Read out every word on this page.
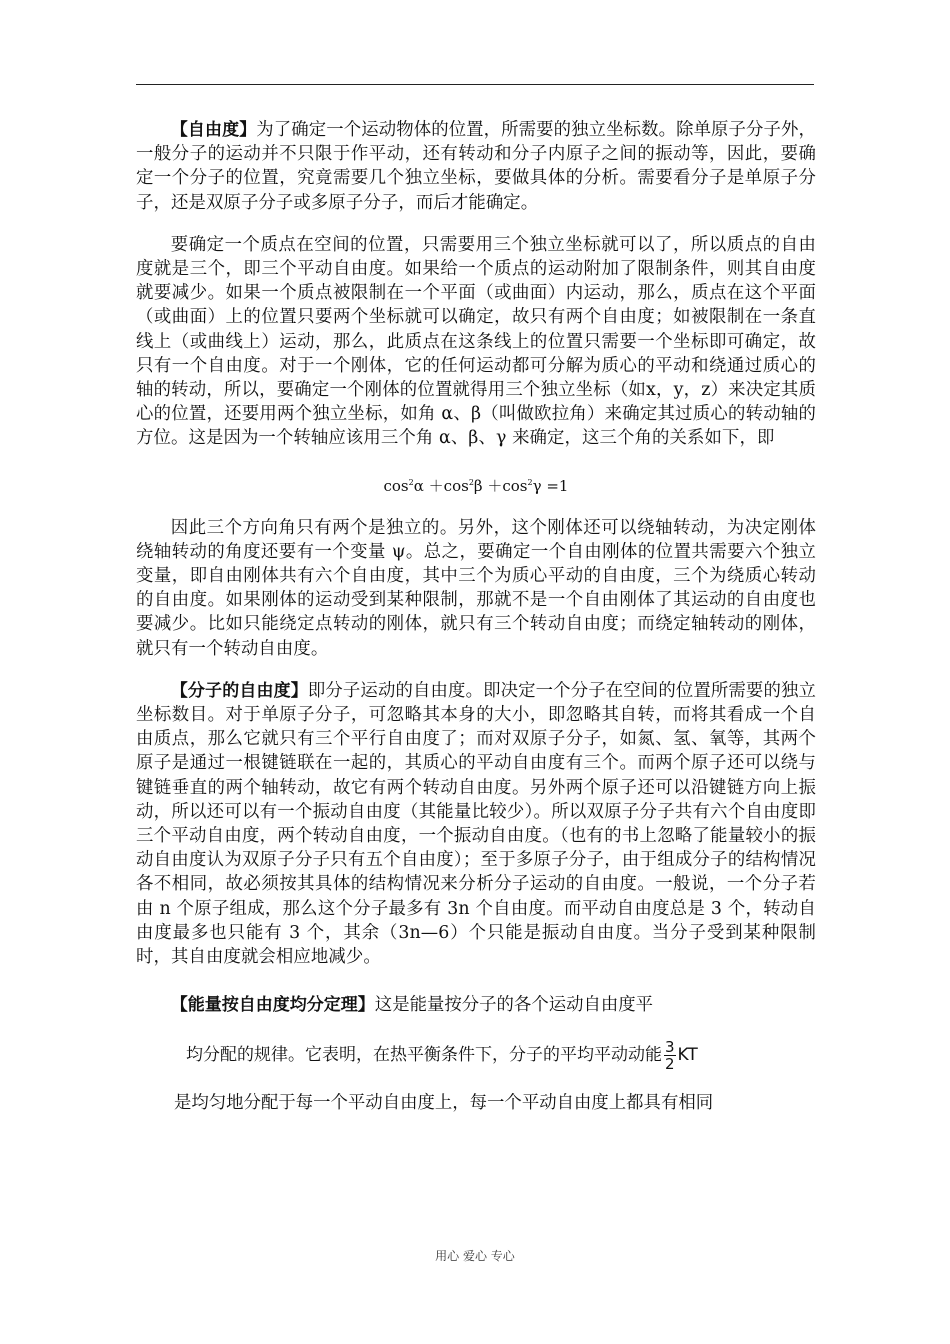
【自由度】为了确定一个运动物体的位置，所需要的独立坐标数。除单原子分子外，一般分子的运动并不只限于作平动，还有转动和分子内原子之间的振动等，因此，要确定一个分子的位置，究竟需要几个独立坐标，要做具体的分析。需要看分子是单原子分子，还是双原子分子或多原子分子，而后才能确定。

要确定一个质点在空间的位置，只需要用三个独立坐标就可以了，所以质点的自由度就是三个，即三个平动自由度。如果给一个质点的运动附加了限制条件，则其自由度就要减少。如果一个质点被限制在一个平面（或曲面）内运动，那么，质点在这个平面（或曲面）上的位置只要两个坐标就可以确定，故只有两个自由度；如被限制在一条直线上（或曲线上）运动，那么，此质点在这条线上的位置只需要一个坐标即可确定，故只有一个自由度。对于一个刚体，它的任何运动都可分解为质心的平动和绕通过质心的轴的转动，所以，要确定一个刚体的位置就得用三个独立坐标（如x，y，z）来决定其质心的位置，还要用两个独立坐标，如角 α、β（叫做欧拉角）来确定其过质心的转动轴的方位。这是因为一个转轴应该用三个角 α、β、γ 来确定，这三个角的关系如下，即

$\cos^2\alpha +\cos^2\beta +\cos^2\gamma =1$

因此三个方向角只有两个是独立的。另外，这个刚体还可以绕轴转动，为决定刚体绕轴转动的角度还要有一个变量 ψ。总之，要确定一个自由刚体的位置共需要六个独立变量，即自由刚体共有六个自由度，其中三个为质心平动的自由度，三个为绕质心转动的自由度。如果刚体的运动受到某种限制，那就不是一个自由刚体了其运动的自由度也要减少。比如只能绕定点转动的刚体，就只有三个转动自由度；而绕定轴转动的刚体，就只有一个转动自由度。

【分子的自由度】即分子运动的自由度。即决定一个分子在空间的位置所需要的独立坐标数目。对于单原子分子，可忽略其本身的大小，即忽略其自转，而将其看成一个自由质点，那么它就只有三个平行自由度了；而对双原子分子，如氮、氢、氧等，其两个原子是通过一根键链联在一起的，其质心的平动自由度有三个。而两个原子还可以绕与键链垂直的两个轴转动，故它有两个转动自由度。另外两个原子还可以沿键链方向上振动，所以还可以有一个振动自由度（其能量比较少）。所以双原子分子共有六个自由度即三个平动自由度，两个转动自由度，一个振动自由度。（也有的书上忽略了能量较小的振动自由度认为双原子分子只有五个自由度）；至于多原子分子，由于组成分子的结构情况各不相同，故必须按其具体的结构情况来分析分子运动的自由度。一般说，一个分子若由 n 个原子组成，那么这个分子最多有 3n 个自由度。而平动自由度总是 3 个，转动自由度最多也只能有 3 个，其余（3n—6）个只能是振动自由度。当分子受到某种限制时，其自由度就会相应地减少。

【能量按自由度均分定理】这是能量按分子的各个运动自由度平

均分配的规律。它表明，在热平衡条件下，分子的平均平动动能 $\frac{3}{2}$ KT

是均匀地分配于每一个平动自由度上，每一个平动自由度上都具有相同

用心 爱心 专心
